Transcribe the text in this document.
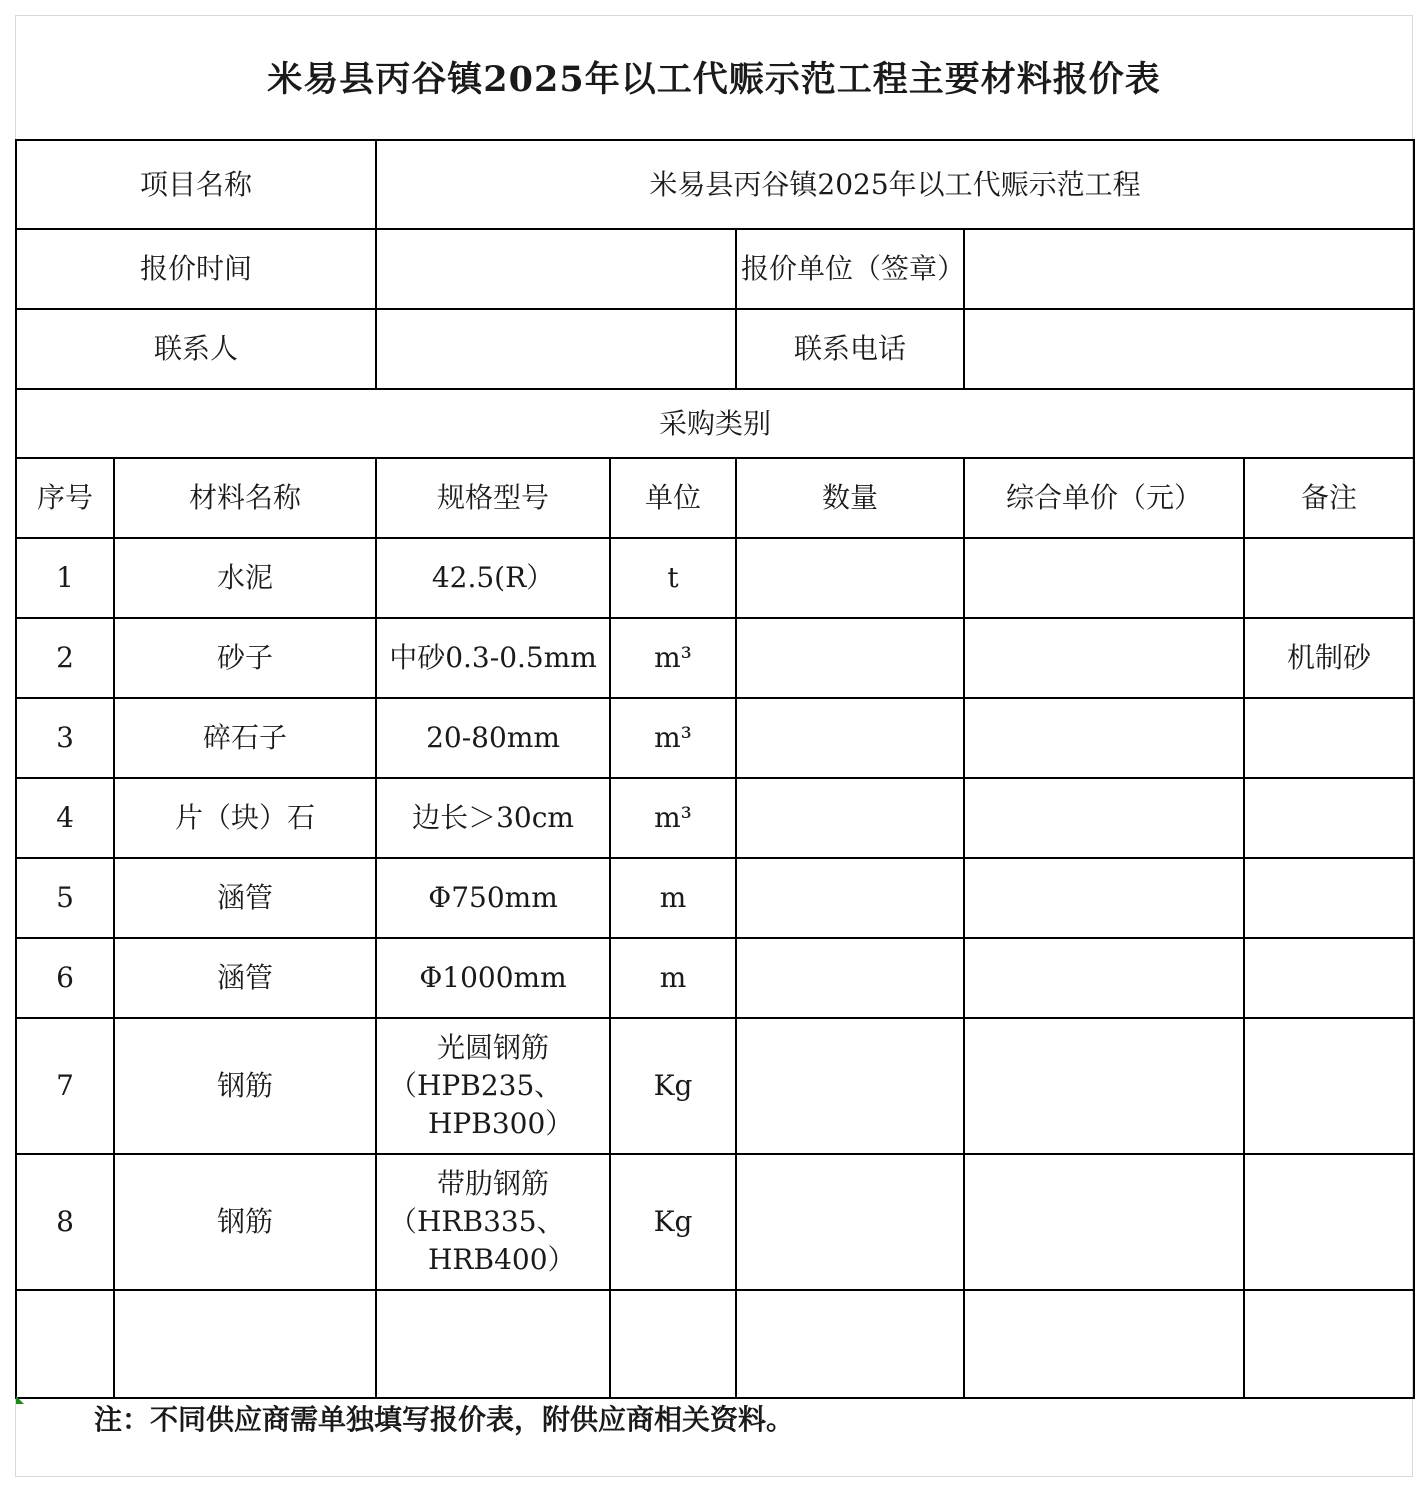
米易县丙谷镇2025年以工代赈示范工程主要材料报价表
项目名称		米易县丙谷镇2025年以工代赈示范工程				
报价时间				报价单位（签章）		
联系人				联系电话		
采购类别						
序号	材料名称	规格型号	单位	数量	综合单价（元）	备注
1	水泥	42.5(R）	t			
2	砂子	中砂0.3-0.5mm	m³			机制砂
3	碎石子	20-80mm	m³			
4	片（块）石	边长＞30cm	m³			
5	涵管	Φ750mm	m			
6	涵管	Φ1000mm	m			
7	钢筋	光圆钢筋
（HPB235、
HPB300）	Kg			
8	钢筋	带肋钢筋
（HRB335、
HRB400）	Kg			

注：不同供应商需单独填写报价表，附供应商相关资料。
